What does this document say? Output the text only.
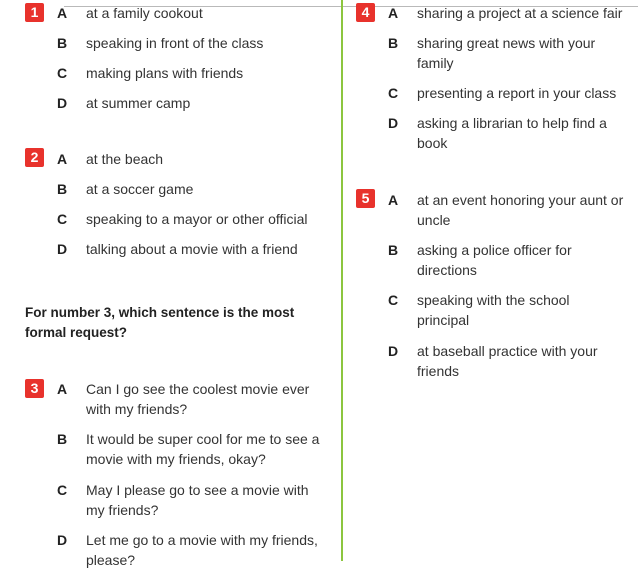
1	A at a family cookout
B speaking in front of the class
C making plans with friends
D at summer camp
2	A at the beach
B at a soccer game
C speaking to a mayor or other official
D talking about a movie with a friend
For number 3, which sentence is the most formal request?
3	A Can I go see the coolest movie ever with my friends?
B It would be super cool for me to see a movie with my friends, okay?
C May I please go to see a movie with my friends?
D Let me go to a movie with my friends, please?
4	A sharing a project at a science fair
B sharing great news with your family
C presenting a report in your class
D asking a librarian to help find a book
5	A at an event honoring your aunt or uncle
B asking a police officer for directions
C speaking with the school principal
D at baseball practice with your friends
